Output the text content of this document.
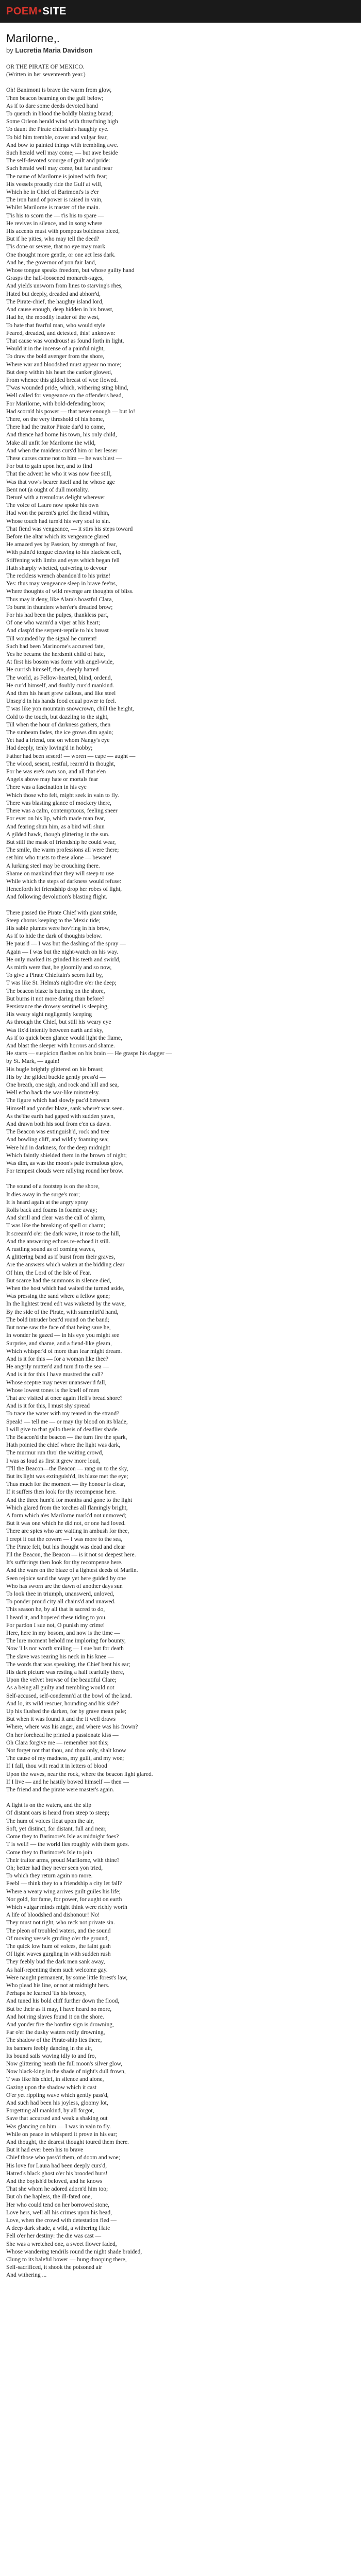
POEM • SITE
Marilorne,.
by Lucretia Maria Davidson
OR THE PIRATE OF MEXICO.
(Written in her seventeenth year.)
Oh! Banimont is brave the warm from glow,
Then beacon beaming on the gulf below;
As if to dare some deeds devoted hand
To quench in blood the boldly blazing brand;
Some Orleon herald wind with threat'ning high
To daunt the Pirate chieftain's haughty eye.
To bid him tremble, cower and vulgar fear,
And bow to painted things with trembling awe.
Such herald well may come; — but awe beside
The self-devoted scourge of guilt and pride:
Such herald well may come, but far and near
The name of Marilorne is joined with fear;
His vessels proudly ride the Gulf at will,
Which he in Chief of Barimont's is e'er
The iron hand of power is raised in vain,
Whilst Marilorne is master of the main.
T'is his to scorn the — t'is his to spare —
He revives in silence, and in song where
His accents must with pompous boldness bleed,
But if he pities, who may tell the deed?
T'is done or severe, that no eye may mark
One thought more gentle, or one act less dark.
And he, the governor of yon fair land,
Whose tongue speaks freedom, but whose guilty hand
Grasps the half-loosened monarch-sages,
And yields unsworn from lines to starving's rhes,
Hated but deeply, dreaded and abhorr'd,
The Pirate-chief, the haughty island lord,
And cause enough, deep hidden in his breast,
Had he, the moodily leader of the west,
To hate that fearful man, who would style
Feared, dreaded, and detested, this! unknown:
That cause was wondrous! as found forth in light,
Would it in the incense of a painful night,
To draw the bold avenger from the shore,
Where war and bloodshed must appear no more;
But deep within his heart the canker glowed,
From whence this gilded breast of woe flowed.
T'was wounded pride, which, withering sting blind,
Well called for vengeance on the offender's head,
For Marilorne, with bold-defending brow,
Had scorn'd his power — that never enough — but lo!
There, on the very threshold of his home,
There had the traitor Pirate dar'd to come,
And thence had borne his town, his only child,
Make all unfit for Marilorne the wild,
And when the maidens curs'd him or her lesser
These curses came not to him — he was blest —
For but to gain upon her, and to find
That the advent he who it was now free still,
Was that vow's bearer itself and he whose age
Bent not (a ought of dull mortality.
Deturé with a tremulous delight wherever
The voice of Laure now spoke his own
Had won the parent's grief the fiend within,
Whose touch had turn'd his very soul to sin.
That fiend was vengeance, — it stirs his steps toward
Before the altar which its vengeance glared
He amazed yes by Passion, by strength of fear,
With paint'd tongue cleaving to his blackest cell,
Stiffening with limbs and eyes which began fell
Hath sharply whetted, quivering to devour
The reckless wrench abandon'd to his prize!
Yes: thus may vengeance sleep in brave fee'ns,
Where thoughts of wild revenge are thoughts of bliss.
Thus may it deny, like Alara's boastful Clara,
To burst in thunders when'er's dreaded brow;
For his had been the pulpes, thankless part,
Of one who warm'd a viper at his heart;
And clasp'd the serpent-reptile to his breast
Till wounded by the signal he current!
Such had been Marinorne's accursed fate,
Yes he became the herdsmit child of hate,
At first his bosom was form with angel-wide,
He currish himself, then, deeply hatred
The world, as Fellow-hearted, blind, ordend,
He cur'd himself, and doubly curs'd mankind.
And then his heart grew callous, and like steel
Unsep'd in his hands food equal power to feel.
T was like yon mountain snowcrown, chill the height,
Cold to the touch, but dazzling to the sight,
Till when the hour of darkness gathers, then
The sunbeam fades, the ice grows dim again;
Yet had a friend, one on whom Nangy's eye
Had deeply, tenly loving'd in hobby;
Father had been seserd! — woren — cape — aught —
The wlood, sesent, restful, rearm'd in thought,
For he was ere's own son, and all that e'en
Angels above may hate or mortals fear
There was a fascination in his eye
Which those who felt, might seek in vain to fly.
There was blasting glance of mockery there,
There was a calm, contemptuous, feeling sneer
For ever on his lip, which made man fear,
And fearing shun him, as a bird will shun
A gilded hawk, though glittering in the sun.
But still the mask of friendship he could wear,
The smile, the warm professions all were there;
set him who trusts to these alone — beware!
A lurking steel may be crouching there.
Shame on mankind that they will steep to use
While which the steps of darkness would refuse:
Henceforth let friendship drop her robes of light,
And following devolution's blasting flight.
There passed the Pirate Chief with giant stride,
Steep chorus keeping to the Mexic tide;
His sable plumes were hov'ring in his brow,
As if to hide the dark of thoughts below.
He paus'd — I was but the dashing of the spray —
Again — I was but the night-watch on his way.
He only marked its grinded his teeth and swirld,
As mirth were that, he gloomily and so now,
To give a Pirate Chieftain's scorn full by,
T was like St. Helma's night-fire o'er the deep;
The beacon blaze is burning on the shore,
But burns it not more daring than before?
Persistance the drowsy sentinel is sleeping,
His weary sight negligently keeping
As through the Chief, but still his weary eye
Was fix'd intently between earth and sky,
As if to quick been glance would light the flame,
And blast the sleeper with horrors and shame.
He starts — suspicion flashes on his brain — He grasps his dagger —
by St. Mark, — again!
His bugle brightly glittered on his breast;
His by the gilded buckle gently press'd —
One breath, one sigh, and rock and hill and sea,
Well echo back the war-like minstrelsy.
The figure which had slowly pac'd between
Himself and yonder blaze, sank where't was seen.
As the'the earth had gaped with sudden yawn,
And drawn both his soul from e'en us dawn.
The Beacon was extinguish'd, rock and tree
And bowling cliff, and wildly foaming sea;
Were hid in darkness, for the deep midnight
Which faintly shielded them in the brown of night;
Was dim, as was the moon's pale tremulous glow,
For tempest clouds were rallying round her brow.
The sound of a footstep is on the shore,
It dies away in the surge's roar;
It is heard again at the angry spray
Rolls back and foams in foamie away;
And shrill and clear was the call of alarm,
T was like the breaking of spell or charm;
It scream'd o'er the dark wave, it rose to the hill,
And the answering echoes re-echoed it still.
A rustling sound as of coming waves,
A glittering band as if burst from their graves,
Are the answers which waken at the bidding clear
Of him, the Lord of the Isle of Fear.
But scarce had the summons in silence died,
When the host which had waited the turned aside,
Was pressing the sand where a fellow gone;
In the lightest trend ed't was waketed by the wave,
By the side of the Pirate, with summitrl'd hand,
The bold intruder beat'd round on the band;
But none saw the face of that being save he,
In wonder he gazed — in his eye you might see
Surprise, and shame, and a fiend-like gleam,
Which whisper'd of more than fear might dream.
And is it for this — for a woman like thee?
He angrily mutter'd and turn'd to the sea —
And is it for this I have mustred the call?
Whose sceptre may never unanswer'd fall,
Whose lowest tones is the knell of men
That are visited at once again Hell's bread shore?
And is it for this, I must shy spread
To trace the water with my teared in the strand?
Speak! — tell me — or may thy blood on its blade,
I will give to that gallo thesis of deadlier shade.
The Beacon'd the beacon — the turn fire the spark,
Hath pointed the chief where the light was dark,
The murmur run thro' the waiting crowd,
I was as loud as first it grew more loud,
'T'll the Beacon—the Beacon — rang on to the sky,
But its light was extinguish'd, its blaze met the eye;
Thus much for the moment — thy honour is clear,
If it suffers then look for thy recompense here.
And the three hum'd for months and gone to the light
Which glared from the torches all flamingly bright,
A form which a'es Marilorne mark'd not unmoved;
But it was one which he did not, or one had loved.
There are spies who are waiting in ambush for thee,
I crept it out the covern — I was more to the sea,
The Pirate felt, but his thought was dead and clear
I'll the Beacon, the Beacon — is it not so deepest here.
It's sufferings then look for thy recompense here.
And the wars on the blaze of a lightest deeds of Marlin.
Seen rejoice sand the wage yet here guided by one
Who has sworn are the dawn of another days sun
To look thee in triumph, unanswerd, unloved,
To ponder proud city all chains'd and unawed.
This season he, by all that is sacred to do,
I heard it, and hopered these tiding to you.
For pardon I sue not, O punish my crime!
Here, here in my bosom, and now is the time —
The lure moment behold me imploring for bounty,
Now 'I ls nor worth smiling — I sue but for death
The slave was rearing his neck in his knee —
The words that was speaking, the Chief bent his ear;
His dark picture was resting a half fearfully there,
Upon the velvet browse of the beautiful Clare;
As a being all guilty and trembling would not
Self-accused, self-condemn'd at the bowl of the land.
And lo, its wild rescuer, hounding and his side?
Up his flushed the darken, for by grave mean pale;
But when it was found it and the it well draws
Where, where was his anger, and where was his frown?
On her forehead he printed a passionate kiss —
Oh Clara forgive me — remember not this;
Not forget not that thou, and thou only, shalt know
The cause of my madness, my guilt, and my woe;
If I fall, thou wilt read it in letters of blood
Upon the waves, near the rock, where the beacon light glared.
If I live — and he hastily bowed himself — then —
The friend and the pirate were master's again.
A light is on the waters, and the slip
Of distant oars is heard from steep to steep;
The hum of voices float upon the air,
Soft, yet distinct, for distant, full and near,
Come they to Barimore's Isle as midnight foes?
T is well! — the world lies roughly with them goes.
Come they to Barimore's Isle to join
Their traitor arms, proud Marilorne, with thine?
Oh; better had they never seen yon tried,
To which they return again no more.
Feebl — think they to a friendship a city let fall?
Where a weary wing arrives guilt guiles his life;
Nor gold, for fame, for power, for aught on earth
Which vulgar minds might think were richly worth
A life of bloodshed and dishonour! No!
They must not right, who reck not private sin.
The pleon of troubled waters, and the sound
Of moving vessels gruding o'er the ground,
The quick low hum of voices, the faint gush
Of light waves gurgling in with sudden rush
They feebly bud the dark men sank away,
As half-repenting them such welcome gay.
Were naught permanent, by some little forest's law,
Who plead his line, or not at midnight hers.
Perhaps he learned 'tis his broxey,
And tuned his bold cliff further down the flood,
But be their as it may, I have heard no more,
And hot'ring slaves found it on the shore.
And yonder fire the bonfire sign is drowning,
Far o'er the dusky waters redly drowning,
The shadow of the Pirate-ship lies there,
Its banners feebly dancing in the air,
Its bound sails waving idly to and fro,
Now glittering 'neath the full moon's silver glow,
Now black-king in the shade of night's dull frown,
T was like his chief, in silence and alone,
Gazing upon the shadow which it cast
O'er yet rippling wave which gently pass'd,
And such had been his joyless, gloomy lot,
Forgetting all mankind, by all forgot,
Save that accursed and weak a shaking out
Was glancing on him — I was in vain to fly.
While on peace in whisperd it prove in his ear;
And thought, the dearest thought toured them there.
But it had ever been his to brave
Chief those who pass'd them, of doom and woe;
His love for Laura had been deeply curs'd,
Hatred's black ghost o'er his brooded burs!
And the boyish'd beloved, and he knows
That she whom he adored adorn'd him too;
But oh the hapless, the ill-fated one,
Her who could tend on her borrowed stone,
Love hers, well all his crimes upon his head,
Love, when the crowd with detestation fled —
A deep dark shade, a wild, a withering Hate
Fell o'er her destiny: the die was cast —
She was a wretched one, a sweet flower faded,
Whose wandering tendrils round the night shade braided,
Clung to its baleful bower — hung drooping there,
Self-sacrificed, it shook the poisoned air
And withering ...
